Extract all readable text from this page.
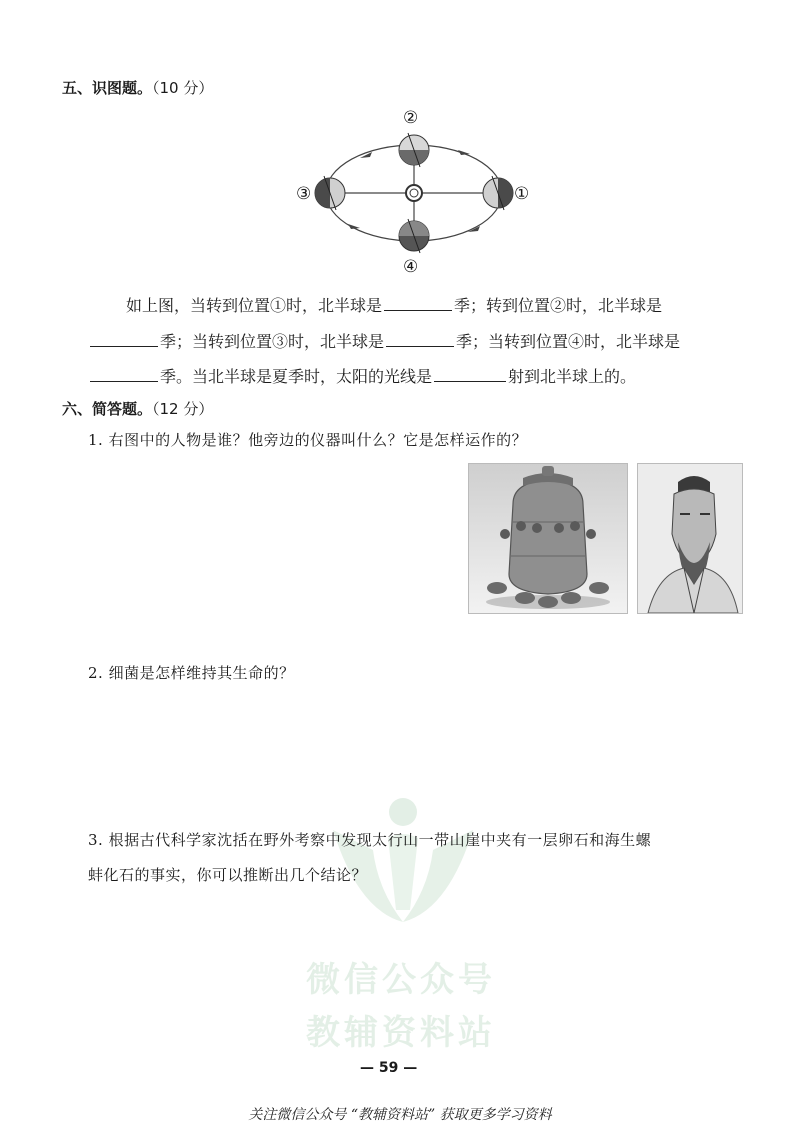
五、识图题。（10 分）
②
③	①
④
如上图，当转到位置①时，北半球是	季；转到位置②时，北半球是
季；当转到位置③时，北半球是	季；当转到位置④时，北半球是
季。当北半球是夏季时，太阳的光线是	射到北半球上的。
六、简答题。（12 分）
1. 右图中的人物是谁？他旁边的仪器叫什么？它是怎样运作的？
2. 细菌是怎样维持其生命的？
3. 根据古代科学家沈括在野外考察中发现太行山一带山崖中夹有一层卵石和海生螺
蚌化石的事实，你可以推断出几个结论？
微信公众号
教辅资料站
— 59 —
关注微信公众号 “教辅资料站” 获取更多学习资料
